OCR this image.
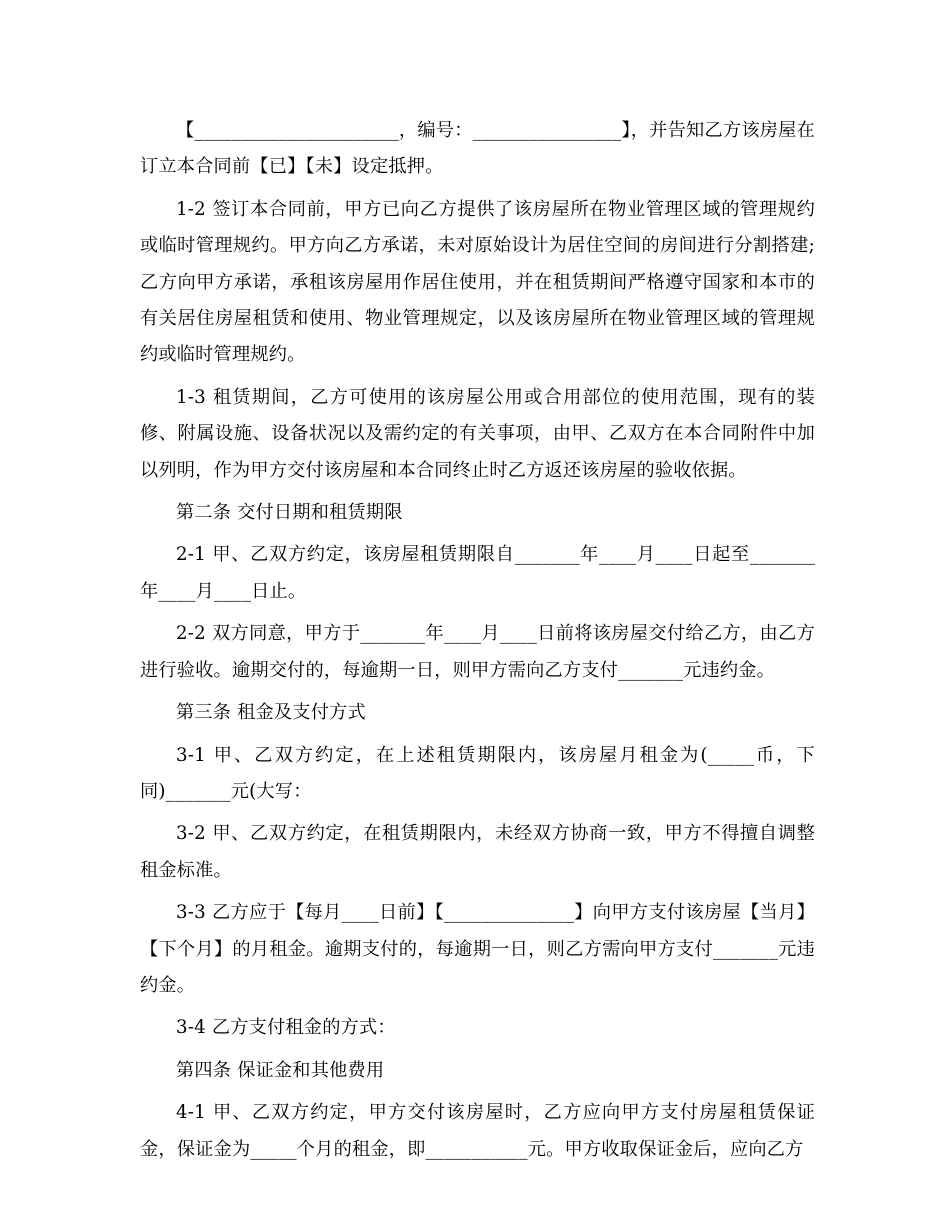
【______________________，编号：________________】，并告知乙方该房屋在订立本合同前【已】【未】设定抵押。

1-2 签订本合同前，甲方已向乙方提供了该房屋所在物业管理区域的管理规约或临时管理规约。甲方向乙方承诺，未对原始设计为居住空间的房间进行分割搭建;乙方向甲方承诺，承租该房屋用作居住使用，并在租赁期间严格遵守国家和本市的有关居住房屋租赁和使用、物业管理规定，以及该房屋所在物业管理区域的管理规约或临时管理规约。

1-3 租赁期间，乙方可使用的该房屋公用或合用部位的使用范围，现有的装修、附属设施、设备状况以及需约定的有关事项，由甲、乙双方在本合同附件中加以列明，作为甲方交付该房屋和本合同终止时乙方返还该房屋的验收依据。

第二条 交付日期和租赁期限

2-1 甲、乙双方约定，该房屋租赁期限自_______年____月____日起至_______年____月____日止。

2-2 双方同意，甲方于_______年____月____日前将该房屋交付给乙方，由乙方进行验收。逾期交付的，每逾期一日，则甲方需向乙方支付_______元违约金。

第三条 租金及支付方式

3-1 甲、乙双方约定，在上述租赁期限内，该房屋月租金为(_____币，下同)_______元(大写：

3-2 甲、乙双方约定，在租赁期限内，未经双方协商一致，甲方不得擅自调整租金标准。

3-3 乙方应于【每月____日前】【______________】向甲方支付该房屋【当月】【下个月】的月租金。逾期支付的，每逾期一日，则乙方需向甲方支付_______元违约金。

3-4 乙方支付租金的方式：

第四条 保证金和其他费用

4-1 甲、乙双方约定，甲方交付该房屋时，乙方应向甲方支付房屋租赁保证金，保证金为_____个月的租金，即___________元。甲方收取保证金后，应向乙方
